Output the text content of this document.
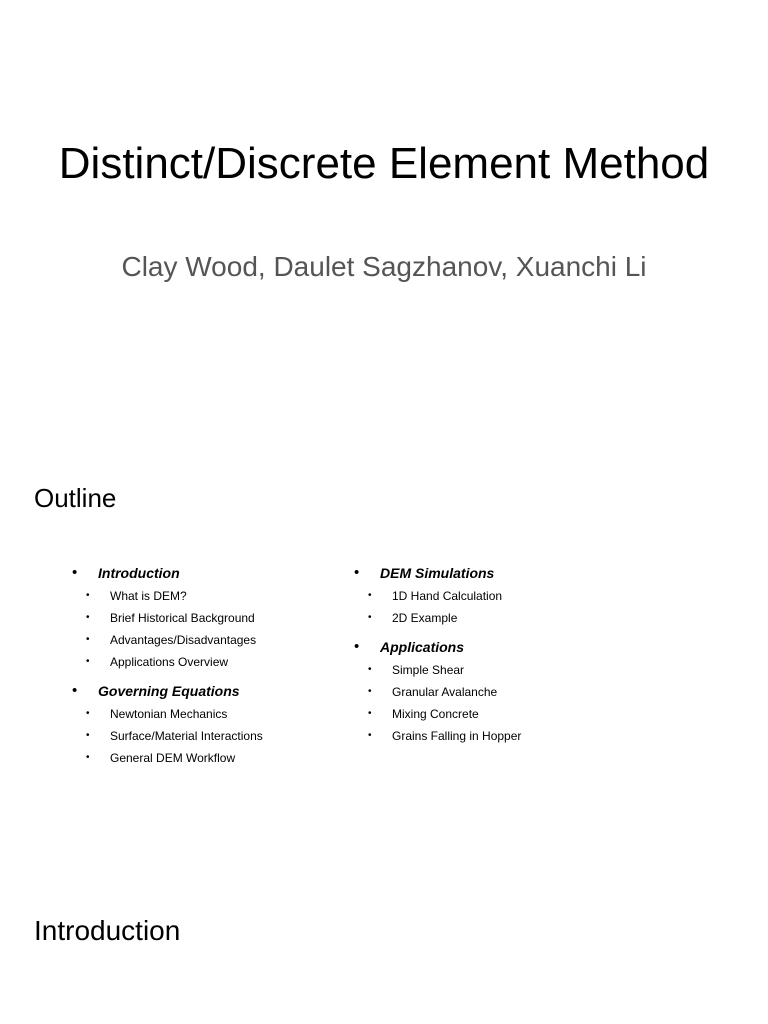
Distinct/Discrete Element Method
Clay Wood, Daulet Sagzhanov, Xuanchi Li
Outline
• Introduction
• What is DEM?
• Brief Historical Background
• Advantages/Disadvantages
• Applications Overview
• Governing Equations
• Newtonian Mechanics
• Surface/Material Interactions
• General DEM Workflow
• DEM Simulations
• 1D Hand Calculation
• 2D Example
• Applications
• Simple Shear
• Granular Avalanche
• Mixing Concrete
• Grains Falling in Hopper
Introduction
